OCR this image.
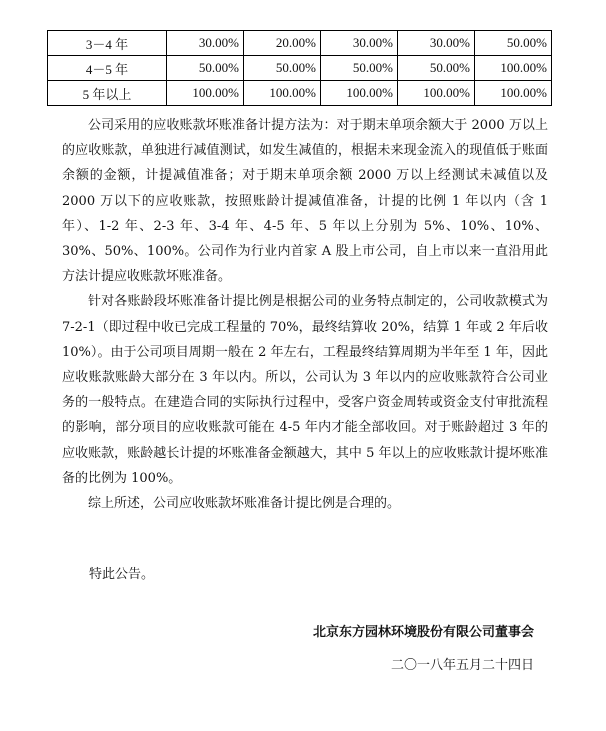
3－4 年	30.00%	20.00%	30.00%	30.00%	50.00%
4－5 年	50.00%	50.00%	50.00%	50.00%	100.00%
5 年以上	100.00%	100.00%	100.00%	100.00%	100.00%

公司采用的应收账款坏账准备计提方法为：对于期末单项余额大于 2000 万以上的应收账款，单独进行减值测试，如发生减值的，根据未来现金流入的现值低于账面余额的金额，计提减值准备；对于期末单项余额 2000 万以上经测试未减值以及 2000 万以下的应收账款，按照账龄计提减值准备，计提的比例 1 年以内（含 1 年）、1-2 年、2-3 年、3-4 年、4-5 年、5 年以上分别为 5%、10%、10%、30%、50%、100%。公司作为行业内首家 A 股上市公司，自上市以来一直沿用此方法计提应收账款坏账准备。

针对各账龄段坏账准备计提比例是根据公司的业务特点制定的，公司收款模式为 7-2-1（即过程中收已完成工程量的 70%，最终结算收 20%，结算 1 年或 2 年后收 10%）。由于公司项目周期一般在 2 年左右，工程最终结算周期为半年至 1 年，因此应收账款账龄大部分在 3 年以内。所以，公司认为 3 年以内的应收账款符合公司业务的一般特点。在建造合同的实际执行过程中，受客户资金周转或资金支付审批流程的影响，部分项目的应收账款可能在 4-5 年内才能全部收回。对于账龄超过 3 年的应收账款，账龄越长计提的坏账准备金额越大，其中 5 年以上的应收账款计提坏账准备的比例为 100%。

综上所述，公司应收账款坏账准备计提比例是合理的。

特此公告。
北京东方园林环境股份有限公司董事会
二〇一八年五月二十四日
